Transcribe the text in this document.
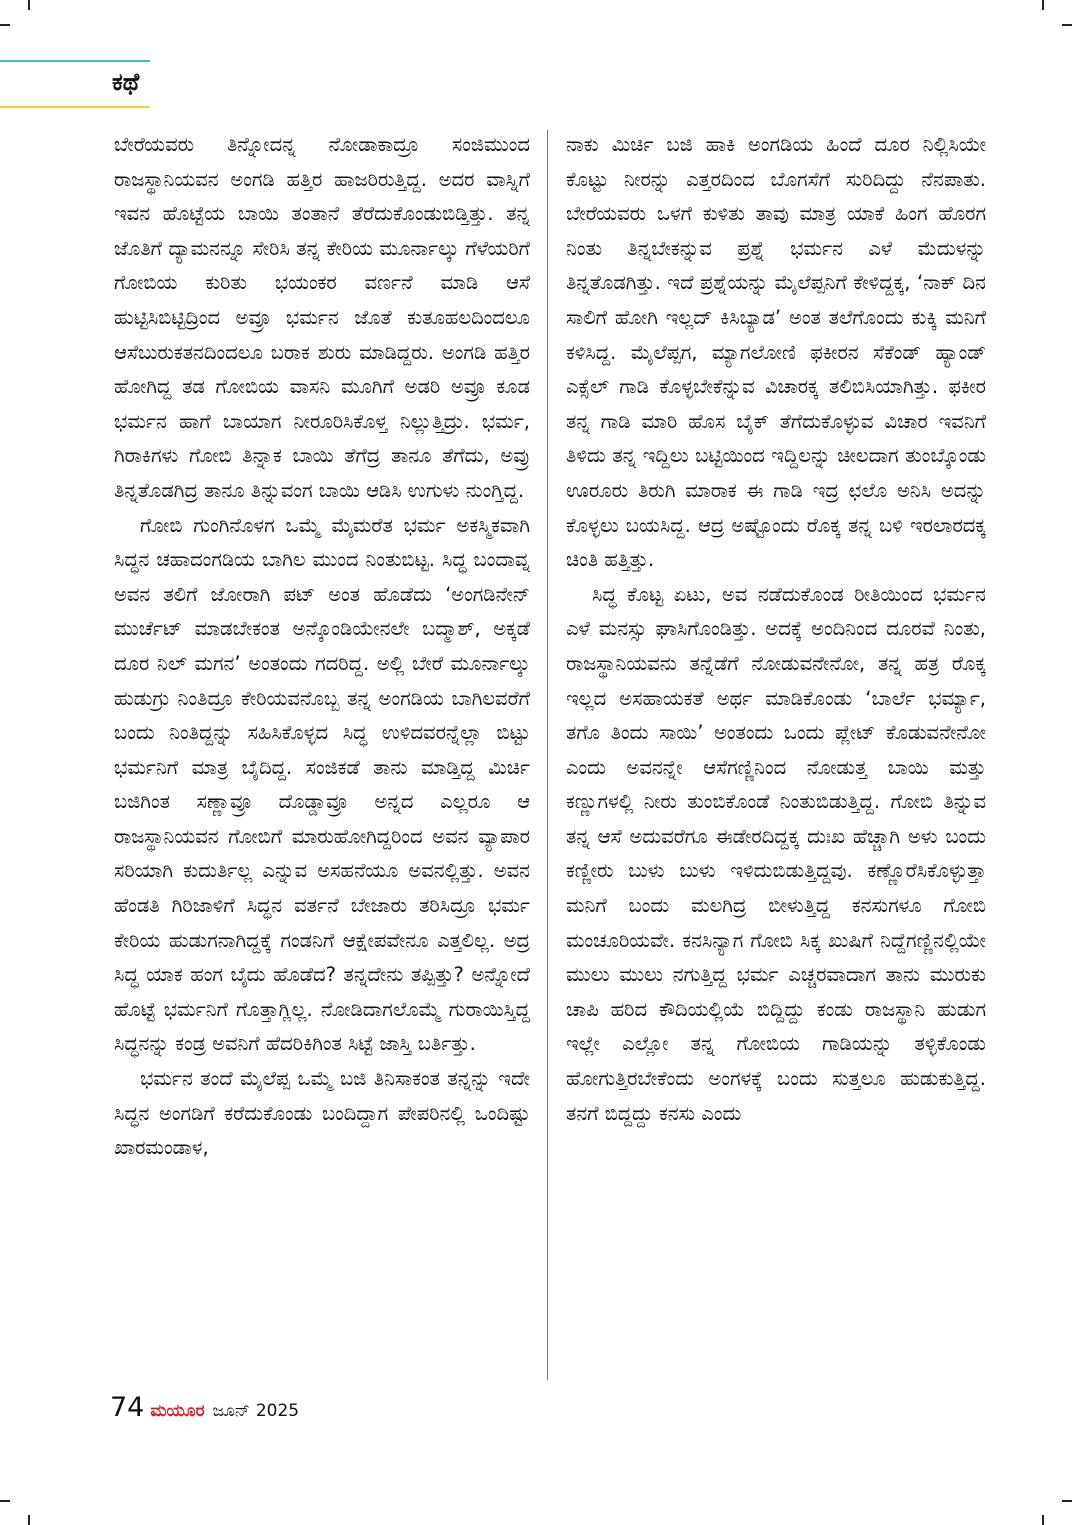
ಕಥೆ

ಬೇರೆಯವರು ತಿನ್ನೋದನ್ನ ನೋಡಾಕಾದ್ರೂ ಸಂಜಿಮುಂದ ರಾಜಸ್ಥಾನಿಯವನ ಅಂಗಡಿ ಹತ್ತಿರ ಹಾಜರಿರುತ್ತಿದ್ದ. ಅದರ ವಾಸ್ನಿಗೆ ಇವನ ಹೊಟ್ಟೆಯ ಬಾಯಿ ತಂತಾನೆ ತೆರೆದುಕೊಂಡುಬಿಡ್ತಿತ್ತು. ತನ್ನ ಜೊತಿಗೆ ದ್ಯಾಮನನ್ನೂ ಸೇರಿಸಿ ತನ್ನ ಕೇರಿಯ ಮೂರ್ನಾಲ್ಕು ಗೆಳೆಯರಿಗೆ ಗೋಬಿಯ ಕುರಿತು ಭಯಂಕರ ವರ್ಣನೆ ಮಾಡಿ ಆಸೆ ಹುಟ್ಟಿಸಿಬಿಟ್ಟಿದ್ರಿಂದ ಅವ್ರೂ ಭರ್ಮನ ಜೊತೆ ಕುತೂಹಲದಿಂದಲೂ ಆಸೆಬುರುಕತನದಿಂದಲೂ ಬರಾಕ ಶುರು ಮಾಡಿದ್ದರು. ಅಂಗಡಿ ಹತ್ತಿರ ಹೋಗಿದ್ದ ತಡ ಗೋಬಿಯ ವಾಸನಿ ಮೂಗಿಗೆ ಅಡರಿ ಅವ್ರೂ ಕೂಡ ಭರ್ಮನ ಹಾಗೆ ಬಾಯಾಗ ನೀರೂರಿಸಿಕೊಳ್ತ ನಿಲ್ಲುತ್ತಿದ್ರು. ಭರ್ಮ, ಗಿರಾಕಿಗಳು ಗೋಬಿ ತಿನ್ನಾಕ ಬಾಯಿ ತೆಗೆದ್ರ ತಾನೂ ತೆಗೆದು, ಅವ್ರು ತಿನ್ನತೊಡಗಿದ್ರ ತಾನೂ ತಿನ್ನುವಂಗ ಬಾಯಿ ಆಡಿಸಿ ಉಗುಳು ನುಂಗ್ತಿದ್ದ.

ಗೋಬಿ ಗುಂಗಿನೊಳಗ ಒಮ್ಮೆ ಮೈಮರೆತ ಭರ್ಮ ಅಕಸ್ಮಿಕವಾಗಿ ಸಿದ್ಧನ ಚಹಾದಂಗಡಿಯ ಬಾಗಿಲ ಮುಂದ ನಿಂತುಬಿಟ್ಟ. ಸಿದ್ಧ ಬಂದಾವ್ನ ಅವನ ತಲಿಗೆ ಜೋರಾಗಿ ಪಟ್ ಅಂತ ಹೊಡೆದು ‘ಅಂಗಡಿನೇನ್ ಮುರ್ಚೆಟ್ ಮಾಡಬೇಕಂತ ಅನ್ಕೊಂಡಿಯೇನಲೇ ಬದ್ಮಾಶ್, ಅಕ್ಕಡೆ ದೂರ ನಿಲ್ ಮಗನ’ ಅಂತಂದು ಗದರಿದ್ದ. ಅಲ್ಲಿ ಬೇರೆ ಮೂರ್ನಾಲ್ಕು ಹುಡುಗ್ರು ನಿಂತಿದ್ರೂ ಕೇರಿಯವನೊಬ್ಬ ತನ್ನ ಅಂಗಡಿಯ ಬಾಗಿಲವರೆಗೆ ಬಂದು ನಿಂತಿದ್ದನ್ನು ಸಹಿಸಿಕೊಳ್ಳದ ಸಿದ್ಧ ಉಳಿದವರನ್ನೆಲ್ಲಾ ಬಿಟ್ಟು ಭರ್ಮನಿಗೆ ಮಾತ್ರ ಬೈದಿದ್ದ. ಸಂಜಿಕಡೆ ತಾನು ಮಾಡ್ತಿದ್ದ ಮಿರ್ಚಿ ಬಜಿಗಿಂತ ಸಣ್ಣಾವ್ರೂ ದೊಡ್ಡಾವ್ರೂ ಅನ್ನದ ಎಲ್ಲರೂ ಆ ರಾಜಸ್ಥಾನಿಯವನ ಗೋಬಿಗೆ ಮಾರುಹೋಗಿದ್ದರಿಂದ ಅವನ ವ್ಯಾಪಾರ ಸರಿಯಾಗಿ ಕುದುರ್ತಿಲ್ಲ ಎನ್ನುವ ಅಸಹನೆಯೂ ಅವನಲ್ಲಿತ್ತು. ಅವನ ಹೆಂಡತಿ ಗಿರಿಜಾಳಿಗೆ ಸಿದ್ಧನ ವರ್ತನೆ ಬೇಜಾರು ತರಿಸಿದ್ರೂ ಭರ್ಮ ಕೇರಿಯ ಹುಡುಗನಾಗಿದ್ದಕ್ಕೆ ಗಂಡನಿಗೆ ಆಕ್ಷೇಪವೇನೂ ಎತ್ತಲಿಲ್ಲ. ಅದ್ರ ಸಿದ್ಧ ಯಾಕ ಹಂಗ ಬೈದು ಹೊಡೆದ? ತನ್ನದೇನು ತಪ್ಪಿತ್ತು? ಅನ್ನೋದೆ ಹೊಟ್ಟೆ ಭರ್ಮನಿಗೆ ಗೊತ್ತಾಗ್ಲಿಲ್ಲ. ನೋಡಿದಾಗಲೊಮ್ಮೆ ಗುರಾಯಿಸ್ತಿದ್ದ ಸಿದ್ಧನನ್ನು ಕಂಡ್ರ ಅವನಿಗೆ ಹೆದರಿಕಿಗಿಂತ ಸಿಟ್ಟೆ ಜಾಸ್ತಿ ಬರ್ತಿತ್ತು.

ಭರ್ಮನ ತಂದೆ ಮೈಲೆಪ್ಪ ಒಮ್ಮೆ ಬಜಿ ತಿನಿಸಾಕಂತ ತನ್ನನ್ನು ಇದೇ ಸಿದ್ಧನ ಅಂಗಡಿಗೆ ಕರೆದುಕೊಂಡು ಬಂದಿದ್ದಾಗ ಪೇಪರಿನಲ್ಲಿ ಒಂದಿಷ್ಟು ಖಾರಮಂಡಾಳ,

ನಾಕು ಮಿರ್ಚಿ ಬಜಿ ಹಾಕಿ ಅಂಗಡಿಯ ಹಿಂದೆ ದೂರ ನಿಲ್ಲಿಸಿಯೇ ಕೊಟ್ಟು ನೀರನ್ನು ಎತ್ತರದಿಂದ ಬೊಗಸೆಗೆ ಸುರಿದಿದ್ದು ನೆನಪಾತು. ಬೇರೆಯವರು ಒಳಗೆ ಕುಳಿತು ತಾವು ಮಾತ್ರ ಯಾಕೆ ಹಿಂಗ ಹೊರಗ ನಿಂತು ತಿನ್ನಬೇಕನ್ನುವ ಪ್ರಶ್ನೆ ಭರ್ಮನ ಎಳೆ ಮೆದುಳನ್ನು ತಿನ್ನತೊಡಗಿತ್ತು. ಇದೆ ಪ್ರಶ್ನೆಯನ್ನು ಮೈಲೆಪ್ಪನಿಗೆ ಕೇಳಿದ್ದಕ್ಕ, ‘ನಾಕ್ ದಿನ ಸಾಲಿಗೆ ಹೋಗಿ ಇಲ್ಲದ್ ಕಿಸಿಬ್ಯಾಡ’ ಅಂತ ತಲೆಗೊಂದು ಕುಕ್ಕಿ ಮನಿಗೆ ಕಳಿಸಿದ್ದ. ಮೈಲೆಪ್ಪಗ, ಮ್ಯಾಗಲೋಣಿ ಫಕೀರನ ಸೆಕೆಂಡ್ ಹ್ಯಾಂಡ್ ಎಕ್ಸೆಲ್ ಗಾಡಿ ಕೊಳ್ಳಬೇಕೆನ್ನುವ ವಿಚಾರಕ್ಕ ತಲಿಬಿಸಿಯಾಗಿತ್ತು. ಫಕೀರ ತನ್ನ ಗಾಡಿ ಮಾರಿ ಹೊಸ ಬೈಕ್ ತೆಗೆದುಕೊಳ್ಳುವ ವಿಚಾರ ಇವನಿಗೆ ತಿಳಿದು ತನ್ನ ಇದ್ದಿಲು ಬಟ್ಟಿಯಿಂದ ಇದ್ದಿಲನ್ನು ಚೀಲದಾಗ ತುಂಬ್ಕೊಂಡು ಊರೂರು ತಿರುಗಿ ಮಾರಾಕ ಈ ಗಾಡಿ ಇದ್ರ ಛಲೊ ಅನಿಸಿ ಅದನ್ನು ಕೊಳ್ಳಲು ಬಯಸಿದ್ದ. ಆದ್ರ ಅಷ್ಟೊಂದು ರೊಕ್ಕ ತನ್ನ ಬಳಿ ಇರಲಾರದಕ್ಕ ಚಿಂತಿ ಹತ್ತಿತ್ತು.

ಸಿದ್ಧ ಕೊಟ್ಟ ಏಟು, ಅವ ನಡೆದುಕೊಂಡ ರೀತಿಯಿಂದ ಭರ್ಮನ ಎಳೆ ಮನಸ್ಸು ಘಾಸಿಗೊಂಡಿತ್ತು. ಅದಕ್ಕೆ ಅಂದಿನಿಂದ ದೂರವೆ ನಿಂತು, ರಾಜಸ್ಥಾನಿಯವನು ತನ್ನೆಡೆಗೆ ನೋಡುವನೇನೋ, ತನ್ನ ಹತ್ರ ರೊಕ್ಕ ಇಲ್ಲದ ಅಸಹಾಯಕತೆ ಅರ್ಥ ಮಾಡಿಕೊಂಡು ‘ಬಾರ್ಲೆ ಭರ್ಮ್ಯಾ, ತಗೊ ತಿಂದು ಸಾಯಿ’ ಅಂತಂದು ಒಂದು ಪ್ಲೇಟ್ ಕೊಡುವನೇನೋ ಎಂದು ಅವನನ್ನೇ ಆಸೆಗಣ್ಣಿನಿಂದ ನೋಡುತ್ತ ಬಾಯಿ ಮತ್ತು ಕಣ್ಣುಗಳಲ್ಲಿ ನೀರು ತುಂಬಿಕೊಂಡೆ ನಿಂತುಬಿಡುತ್ತಿದ್ದ. ಗೋಬಿ ತಿನ್ನುವ ತನ್ನ ಆಸೆ ಅದುವರೆಗೂ ಈಡೇರದಿದ್ದಕ್ಕ ದುಃಖ ಹೆಚ್ಚಾಗಿ ಅಳು ಬಂದು ಕಣ್ಣೀರು ಬುಳು ಬುಳು ಇಳಿದುಬಿಡುತ್ತಿದ್ದವು. ಕಣ್ಣೊರೆಸಿಕೊಳ್ಳುತ್ತಾ ಮನಿಗೆ ಬಂದು ಮಲಗಿದ್ರ ಬೀಳುತ್ತಿದ್ದ ಕನಸುಗಳೂ ಗೋಬಿ ಮಂಚೂರಿಯವೇ. ಕನಸಿನ್ಯಾಗ ಗೋಬಿ ಸಿಕ್ಕ ಖುಷಿಗೆ ನಿದ್ದೆಗಣ್ಣಿನಲ್ಲಿಯೇ ಮುಲು ಮುಲು ನಗುತ್ತಿದ್ದ ಭರ್ಮ ಎಚ್ಚರವಾದಾಗ ತಾನು ಮುರುಕು ಚಾಪಿ ಹರಿದ ಕೌದಿಯಲ್ಲಿಯೆ ಬಿದ್ದಿದ್ದು ಕಂಡು ರಾಜಸ್ಥಾನಿ ಹುಡುಗ ಇಲ್ಲೇ ಎಲ್ಲೋ ತನ್ನ ಗೋಬಿಯ ಗಾಡಿಯನ್ನು ತಳ್ಳಿಕೊಂಡು ಹೋಗುತ್ತಿರಬೇಕೆಂದು ಅಂಗಳಕ್ಕೆ ಬಂದು ಸುತ್ತಲೂ ಹುಡುಕುತ್ತಿದ್ದ. ತನಗೆ ಬಿದ್ದದ್ದು ಕನಸು ಎಂದು

74 ಮಯೂರ ಜೂನ್ 2025
